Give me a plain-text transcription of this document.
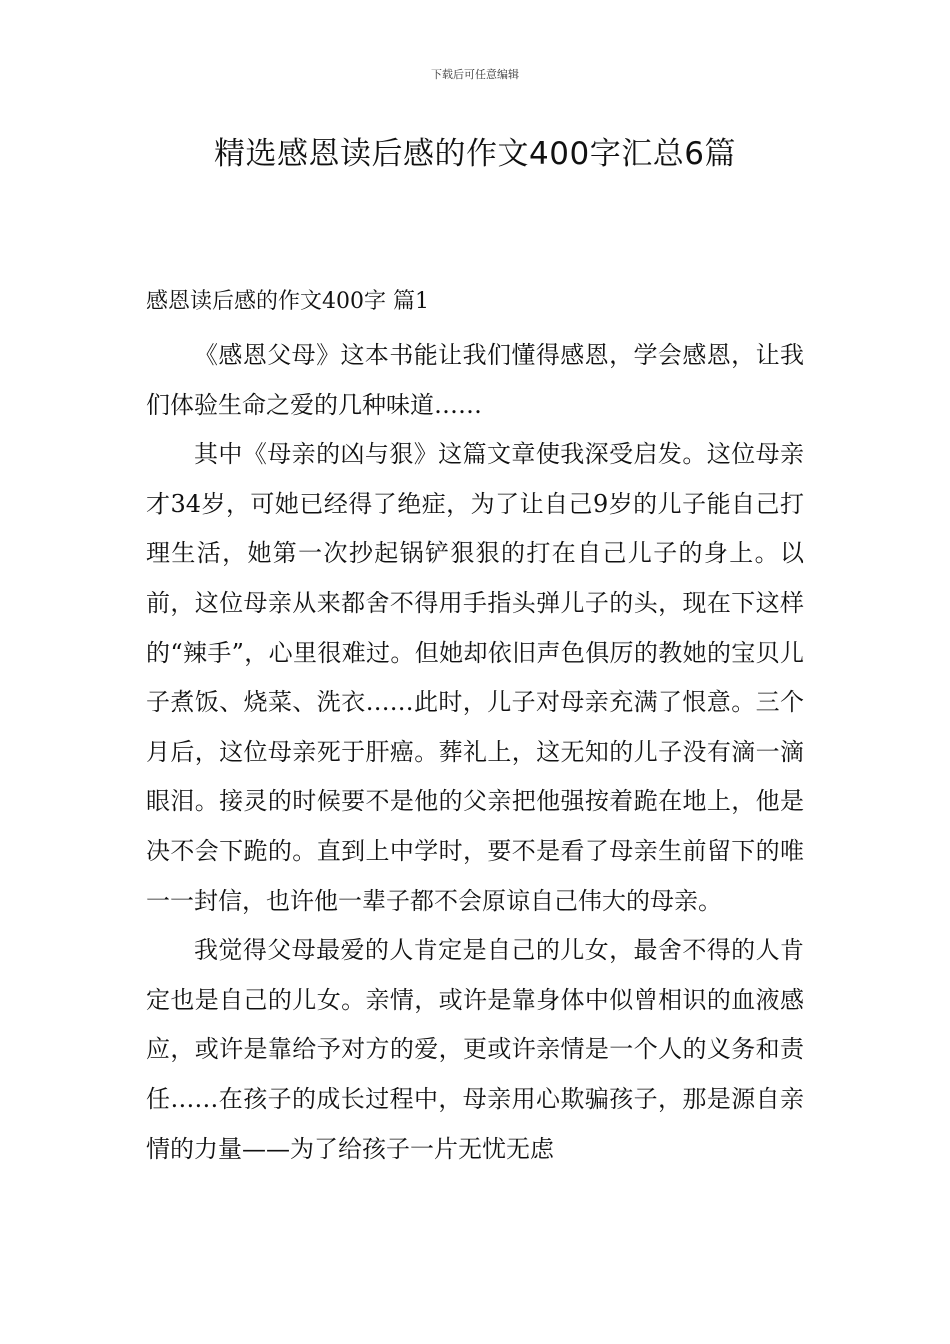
下载后可任意编辑
精选感恩读后感的作文400字汇总6篇
感恩读后感的作文400字 篇1

《感恩父母》这本书能让我们懂得感恩，学会感恩，让我们体验生命之爱的几种味道……

其中《母亲的凶与狠》这篇文章使我深受启发。这位母亲才34岁，可她已经得了绝症，为了让自己9岁的儿子能自己打理生活，她第一次抄起锅铲狠狠的打在自己儿子的身上。以前，这位母亲从来都舍不得用手指头弹儿子的头，现在下这样的“辣手”，心里很难过。但她却依旧声色俱厉的教她的宝贝儿子煮饭、烧菜、洗衣……此时，儿子对母亲充满了恨意。三个月后，这位母亲死于肝癌。葬礼上，这无知的儿子没有滴一滴眼泪。接灵的时候要不是他的父亲把他强按着跪在地上，他是决不会下跪的。直到上中学时，要不是看了母亲生前留下的唯一一封信，也许他一辈子都不会原谅自己伟大的母亲。

我觉得父母最爱的人肯定是自己的儿女，最舍不得的人肯定也是自己的儿女。亲情，或许是靠身体中似曾相识的血液感应，或许是靠给予对方的爱，更或许亲情是一个人的义务和责任……在孩子的成长过程中，母亲用心欺骗孩子，那是源自亲情的力量——为了给孩子一片无忧无虑
